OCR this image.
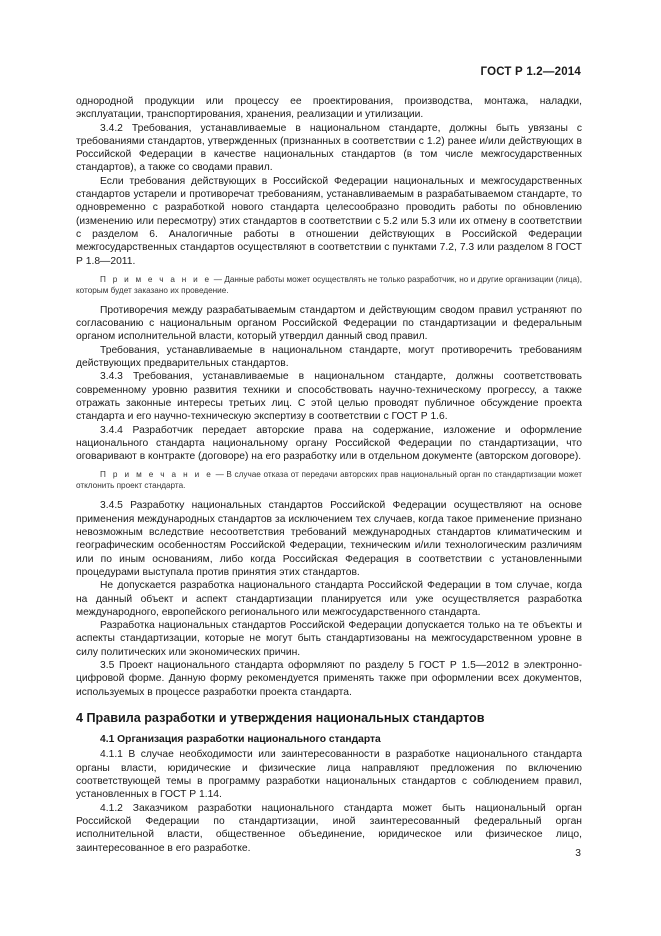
ГОСТ Р 1.2—2014

однородной продукции или процессу ее проектирования, производства, монтажа, наладки, эксплуатации, транспортирования, хранения, реализации и утилизации.

3.4.2 Требования, устанавливаемые в национальном стандарте, должны быть увязаны с требованиями стандартов, утвержденных (признанных в соответствии с 1.2) ранее и/или действующих в Российской Федерации в качестве национальных стандартов (в том числе межгосударственных стандартов), а также со сводами правил.

Если требования действующих в Российской Федерации национальных и межгосударственных стандартов устарели и противоречат требованиям, устанавливаемым в разрабатываемом стандарте, то одновременно с разработкой нового стандарта целесообразно проводить работы по обновлению (изменению или пересмотру) этих стандартов в соответствии с 5.2 или 5.3 или их отмену в соответствии с разделом 6. Аналогичные работы в отношении действующих в Российской Федерации межгосударственных стандартов осуществляют в соответствии с пунктами 7.2, 7.3 или разделом 8 ГОСТ Р 1.8—2011.

П р и м е ч а н и е — Данные работы может осуществлять не только разработчик, но и другие организации (лица), которым будет заказано их проведение.

Противоречия между разрабатываемым стандартом и действующим сводом правил устраняют по согласованию с национальным органом Российской Федерации по стандартизации и федеральным органом исполнительной власти, который утвердил данный свод правил.

Требования, устанавливаемые в национальном стандарте, могут противоречить требованиям действующих предварительных стандартов.

3.4.3 Требования, устанавливаемые в национальном стандарте, должны соответствовать современному уровню развития техники и способствовать научно-техническому прогрессу, а также отражать законные интересы третьих лиц. С этой целью проводят публичное обсуждение проекта стандарта и его научно-техническую экспертизу в соответствии с ГОСТ Р 1.6.

3.4.4 Разработчик передает авторские права на содержание, изложение и оформление национального стандарта национальному органу Российской Федерации по стандартизации, что оговаривают в контракте (договоре) на его разработку или в отдельном документе (авторском договоре).

П р и м е ч а н и е — В случае отказа от передачи авторских прав национальный орган по стандартизации может отклонить проект стандарта.

3.4.5 Разработку национальных стандартов Российской Федерации осуществляют на основе применения международных стандартов за исключением тех случаев, когда такое применение признано невозможным вследствие несоответствия требований международных стандартов климатическим и географическим особенностям Российской Федерации, техническим и/или технологическим различиям или по иным основаниям, либо когда Российская Федерация в соответствии с установленными процедурами выступала против принятия этих стандартов.

Не допускается разработка национального стандарта Российской Федерации в том случае, когда на данный объект и аспект стандартизации планируется или уже осуществляется разработка международного, европейского регионального или межгосударственного стандарта.

Разработка национальных стандартов Российской Федерации допускается только на те объекты и аспекты стандартизации, которые не могут быть стандартизованы на межгосударственном уровне в силу политических или экономических причин.

3.5 Проект национального стандарта оформляют по разделу 5 ГОСТ Р 1.5—2012 в электронно-цифровой форме. Данную форму рекомендуется применять также при оформлении всех документов, используемых в процессе разработки проекта стандарта.

4 Правила разработки и утверждения национальных стандартов

4.1 Организация разработки национального стандарта

4.1.1 В случае необходимости или заинтересованности в разработке национального стандарта органы власти, юридические и физические лица направляют предложения по включению соответствующей темы в программу разработки национальных стандартов с соблюдением правил, установленных в ГОСТ Р 1.14.

4.1.2 Заказчиком разработки национального стандарта может быть национальный орган Российской Федерации по стандартизации, иной заинтересованный федеральный орган исполнительной власти, общественное объединение, юридическое или физическое лицо, заинтересованное в его разработке.	3
